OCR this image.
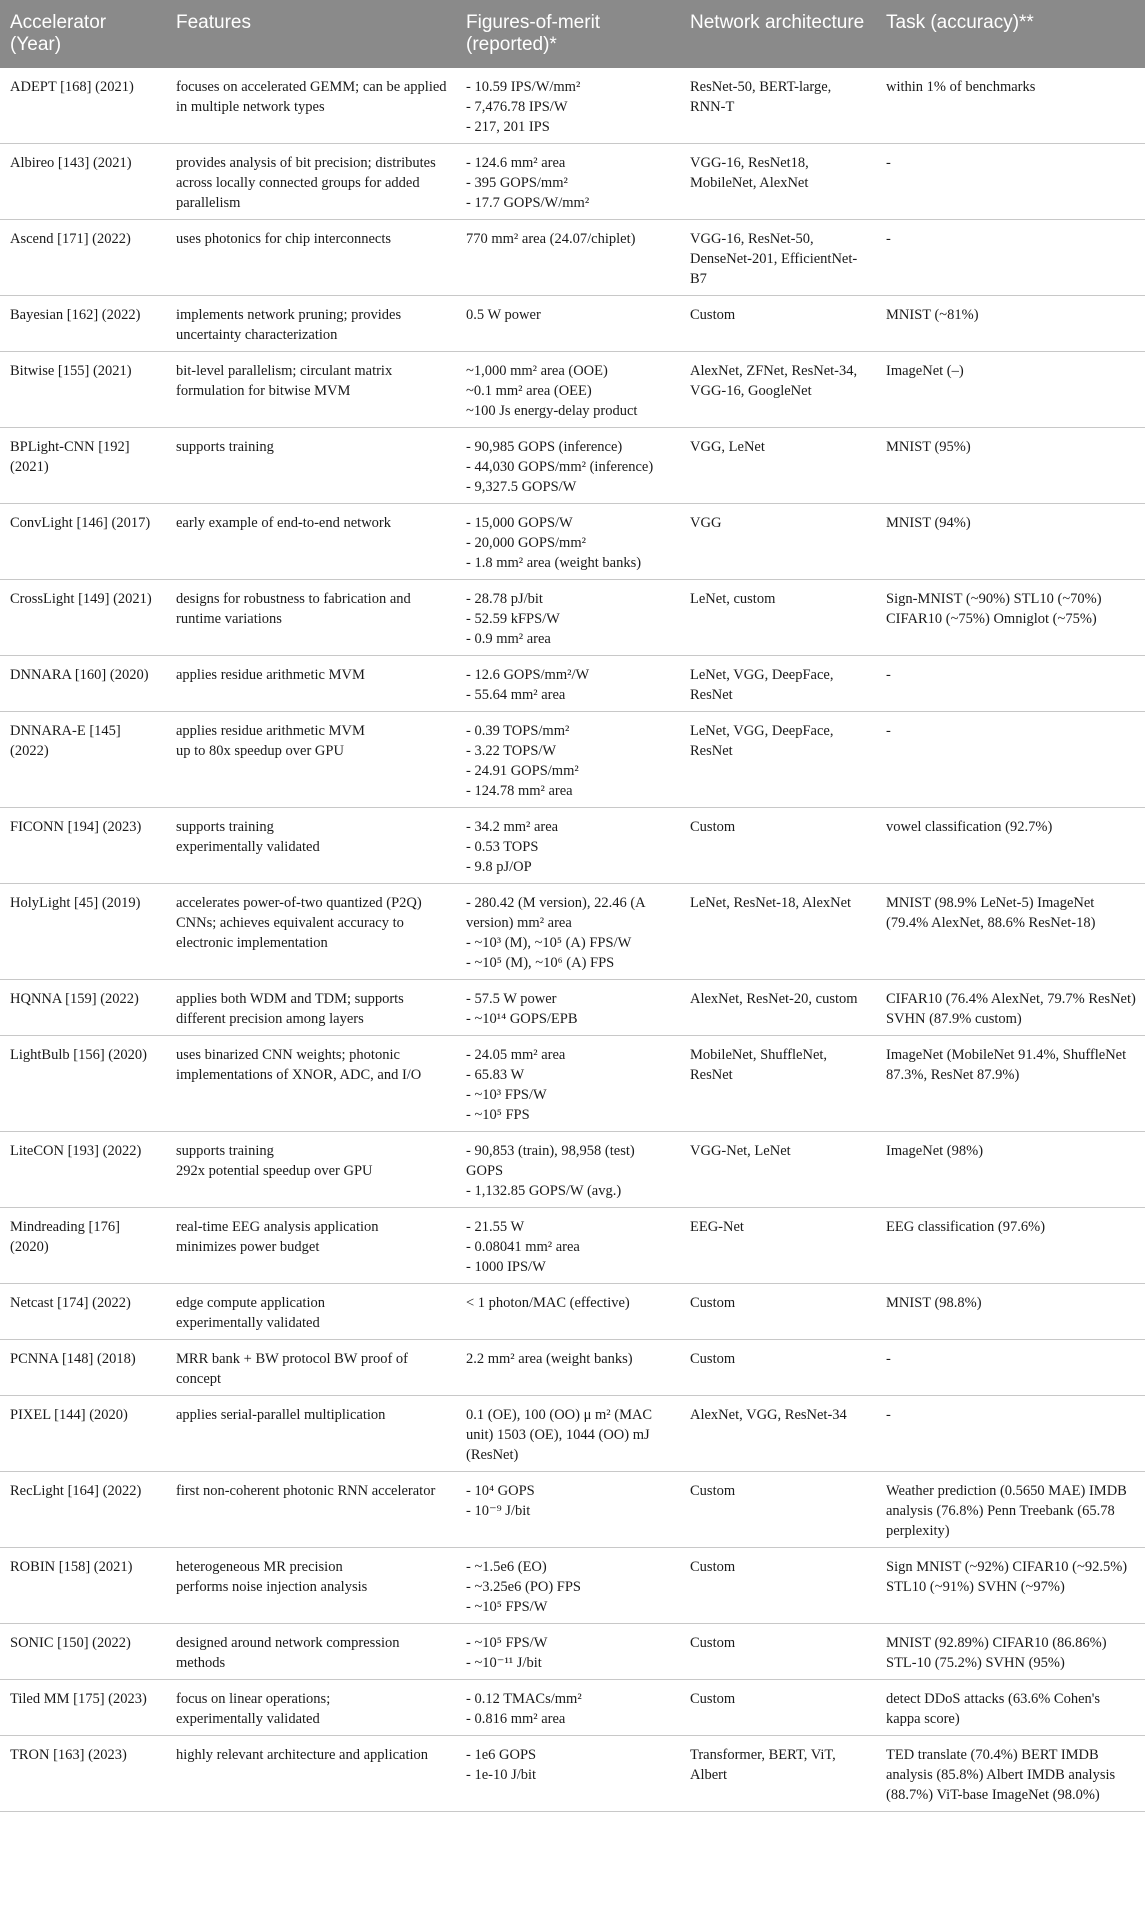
Accelerator (Year)	Features	Figures-of-merit (reported)*	Network architecture	Task (accuracy)**
ADEPT [168] (2021)	focuses on accelerated GEMM; can be applied in multiple network types	- 10.59 IPS/W/mm²
- 7,476.78 IPS/W
- 217, 201 IPS	ResNet-50, BERT-large, RNN-T	within 1% of benchmarks
Albireo [143] (2021)	provides analysis of bit precision; distributes across locally connected groups for added parallelism	- 124.6 mm² area
- 395 GOPS/mm²
- 17.7 GOPS/W/mm²	VGG-16, ResNet18, MobileNet, AlexNet	-
Ascend [171] (2022)	uses photonics for chip interconnects	770 mm² area (24.07/chiplet)	VGG-16, ResNet-50, DenseNet-201, EfficientNet-B7	-
Bayesian [162] (2022)	implements network pruning; provides uncertainty characterization	0.5 W power	Custom	MNIST (~81%)
Bitwise [155] (2021)	bit-level parallelism; circulant matrix formulation for bitwise MVM	~1,000 mm² area (OOE)
~0.1 mm² area (OEE)
~100 Js energy-delay product	AlexNet, ZFNet, ResNet-34, VGG-16, GoogleNet	ImageNet (–)
BPLight-CNN [192] (2021)	supports training	- 90,985 GOPS (inference)
- 44,030 GOPS/mm² (inference)
- 9,327.5 GOPS/W	VGG, LeNet	MNIST (95%)
ConvLight [146] (2017)	early example of end-to-end network	- 15,000 GOPS/W
- 20,000 GOPS/mm²
- 1.8 mm² area (weight banks)	VGG	MNIST (94%)
CrossLight [149] (2021)	designs for robustness to fabrication and runtime variations	- 28.78 pJ/bit
- 52.59 kFPS/W
- 0.9 mm² area	LeNet, custom	Sign-MNIST (~90%) STL10 (~70%) CIFAR10 (~75%) Omniglot (~75%)
DNNARA [160] (2020)	applies residue arithmetic MVM	- 12.6 GOPS/mm²/W
- 55.64 mm² area	LeNet, VGG, DeepFace, ResNet	-
DNNARA-E [145] (2022)	applies residue arithmetic MVM
up to 80x speedup over GPU	- 0.39 TOPS/mm²
- 3.22 TOPS/W
- 24.91 GOPS/mm²
- 124.78 mm² area	LeNet, VGG, DeepFace, ResNet	-
FICONN [194] (2023)	supports training
experimentally validated	- 34.2 mm² area
- 0.53 TOPS
- 9.8 pJ/OP	Custom	vowel classification (92.7%)
HolyLight [45] (2019)	accelerates power-of-two quantized (P2Q) CNNs; achieves equivalent accuracy to electronic implementation	- 280.42 (M version), 22.46 (A version) mm² area
- ~10³ (M), ~10⁵ (A) FPS/W
- ~10⁵ (M), ~10⁶ (A) FPS	LeNet, ResNet-18, AlexNet	MNIST (98.9% LeNet-5) ImageNet (79.4% AlexNet, 88.6% ResNet-18)
HQNNA [159] (2022)	applies both WDM and TDM; supports different precision among layers	- 57.5 W power
- ~10¹⁴ GOPS/EPB	AlexNet, ResNet-20, custom	CIFAR10 (76.4% AlexNet, 79.7% ResNet) SVHN (87.9% custom)
LightBulb [156] (2020)	uses binarized CNN weights; photonic implementations of XNOR, ADC, and I/O	- 24.05 mm² area
- 65.83 W
- ~10³ FPS/W
- ~10⁵ FPS	MobileNet, ShuffleNet, ResNet	ImageNet (MobileNet 91.4%, ShuffleNet 87.3%, ResNet 87.9%)
LiteCON [193] (2022)	supports training
292x potential speedup over GPU	- 90,853 (train), 98,958 (test) GOPS
- 1,132.85 GOPS/W (avg.)	VGG-Net, LeNet	ImageNet (98%)
Mindreading [176] (2020)	real-time EEG analysis application
minimizes power budget	- 21.55 W
- 0.08041 mm² area
- 1000 IPS/W	EEG-Net	EEG classification (97.6%)
Netcast [174] (2022)	edge compute application
experimentally validated	< 1 photon/MAC (effective)	Custom	MNIST (98.8%)
PCNNA [148] (2018)	MRR bank + BW protocol BW proof of concept	2.2 mm² area (weight banks)	Custom	-
PIXEL [144] (2020)	applies serial-parallel multiplication	0.1 (OE), 100 (OO) μ m² (MAC unit) 1503 (OE), 1044 (OO) mJ (ResNet)	AlexNet, VGG, ResNet-34	-
RecLight [164] (2022)	first non-coherent photonic RNN accelerator	- 10⁴ GOPS
- 10⁻⁹ J/bit	Custom	Weather prediction (0.5650 MAE) IMDB analysis (76.8%) Penn Treebank (65.78 perplexity)
ROBIN [158] (2021)	heterogeneous MR precision
performs noise injection analysis	- ~1.5e6 (EO)
- ~3.25e6 (PO) FPS
- ~10⁵ FPS/W	Custom	Sign MNIST (~92%) CIFAR10 (~92.5%) STL10 (~91%) SVHN (~97%)
SONIC [150] (2022)	designed around network compression methods	- ~10⁵ FPS/W
- ~10⁻¹¹ J/bit	Custom	MNIST (92.89%) CIFAR10 (86.86%) STL-10 (75.2%) SVHN (95%)
Tiled MM [175] (2023)	focus on linear operations;
experimentally validated	- 0.12 TMACs/mm²
- 0.816 mm² area	Custom	detect DDoS attacks (63.6% Cohen's kappa score)
TRON [163] (2023)	highly relevant architecture and application	- 1e6 GOPS
- 1e-10 J/bit	Transformer, BERT, ViT, Albert	TED translate (70.4%) BERT IMDB analysis (85.8%) Albert IMDB analysis (88.7%) ViT-base ImageNet (98.0%)
